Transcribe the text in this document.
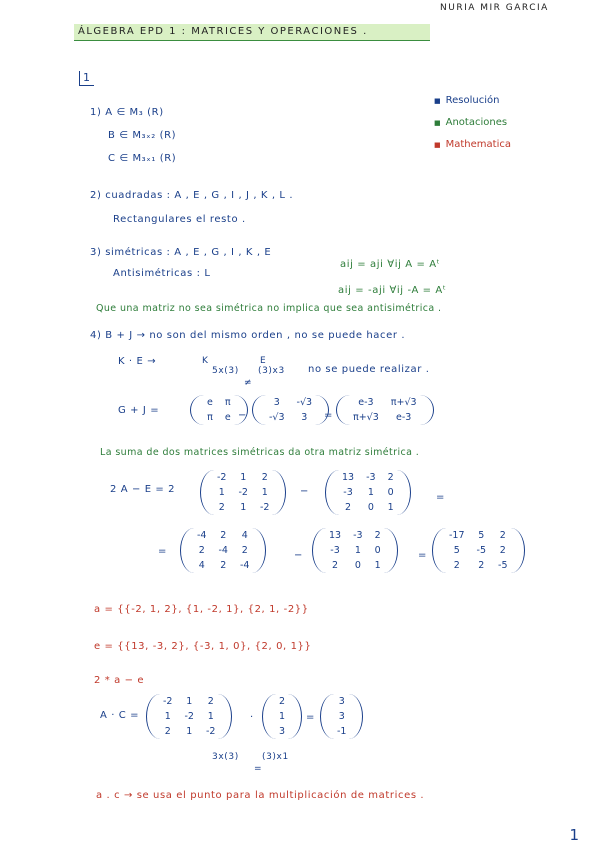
NURIA MIR GARCIA
ÁLGEBRA EPD 1 : MATRICES Y OPERACIONES .
1
■ Resolución
■ Anotaciones
■ Mathematica
1) A ∈ M₃ (R)
B ∈ M₃ₓ₂ (R)
C ∈ M₃ₓ₁ (R)
2) cuadradas : A , E , G , I , J , K , L .
Rectangulares el resto .
3) simétricas : A , E , G , I , K , E
Antisimétricas : L
aij = aji ∀ij A = Aᵗ
aij = -aji ∀ij -A = Aᵗ
Que una matriz no sea simétrica no implica que sea antisimétrica .
4) B + J → no son del mismo orden , no se puede hacer .
K · E →	K
5x(3)
E
(3)x3
≠
no se puede realizar .
G + J =
e	π
π	e −
3	-√3
-√3	3 =
e-3	π+√3
π+√3	e-3
La suma de dos matrices simétricas da otra matriz simétrica .
2 A − E = 2
-2	1	2
1	-2	1
2	1	-2
−
13	-3	2
-3	1	0
2	0	1
=
=
-4	2	4
2	-4	2
4	2	-4
−
13	-3	2
-3	1	0
2	0	1
=
-17	5	2
5	-5	2
2	2	-5
a = {{-2, 1, 2}, {1, -2, 1}, {2, 1, -2}}
e = {{13, -3, 2}, {-3, 1, 0}, {2, 0, 1}}
2 * a − e
A · C =
-2	1	2
1	-2	1
2	1	-2
·
2
1
3
=
3
3
-1
3x(3)	(3)x1
=
a . c → se usa el punto para la multiplicación de matrices .
1
